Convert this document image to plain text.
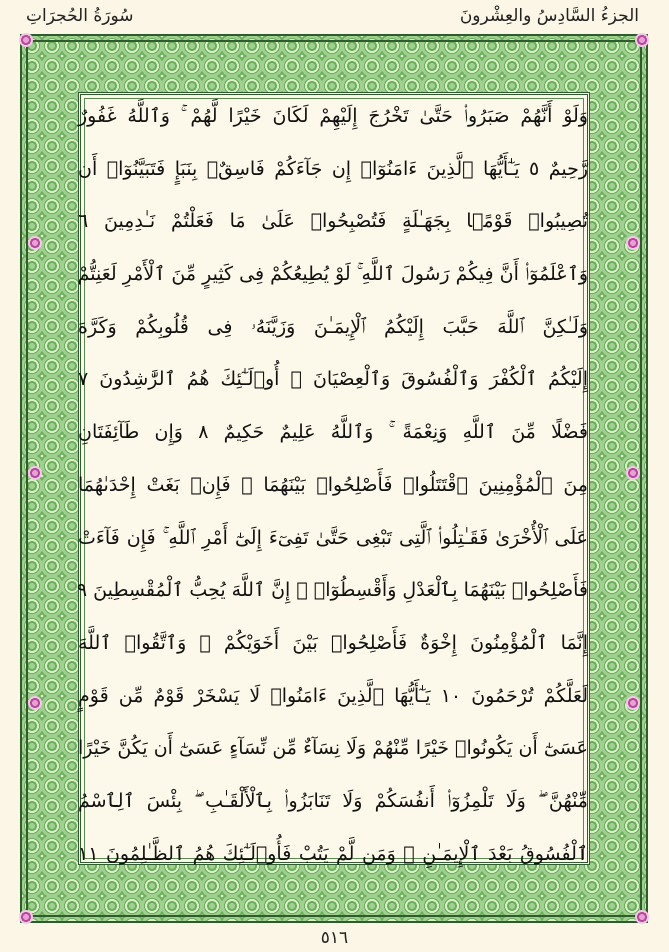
الجزءُ السَّادِسُ والعِشْرونَ
سُورَةُ الحُجرَاتِ
وَلَوْ أَنَّهُمْ صَبَرُوا۟ حَتَّىٰ تَخْرُجَ إِلَيْهِمْ لَكَانَ خَيْرًا لَّهُمْ ۚ وَٱللَّهُ غَفُورٌ
رَّحِيمٌ ٥ يَـٰٓأَيُّهَا ٱلَّذِينَ ءَامَنُوٓا۟ إِن جَآءَكُمْ فَاسِقٌۢ بِنَبَإٍ فَتَبَيَّنُوٓا۟ أَن
تُصِيبُوا۟ قَوْمًۢا بِجَهَـٰلَةٍ فَتُصْبِحُوا۟ عَلَىٰ مَا فَعَلْتُمْ نَـٰدِمِينَ ٦
وَٱعْلَمُوٓا۟ أَنَّ فِيكُمْ رَسُولَ ٱللَّهِ ۚ لَوْ يُطِيعُكُمْ فِى كَثِيرٍ مِّنَ ٱلْأَمْرِ لَعَنِتُّمْ
وَلَـٰكِنَّ ٱللَّهَ حَبَّبَ إِلَيْكُمُ ٱلْإِيمَـٰنَ وَزَيَّنَهُۥ فِى قُلُوبِكُمْ وَكَرَّهَ
إِلَيْكُمُ ٱلْكُفْرَ وَٱلْفُسُوقَ وَٱلْعِصْيَانَ ۚ أُو۟لَـٰٓئِكَ هُمُ ٱلرَّٰشِدُونَ ٧
فَضْلًا مِّنَ ٱللَّهِ وَنِعْمَةً ۚ وَٱللَّهُ عَلِيمٌ حَكِيمٌ ٨ وَإِن طَآئِفَتَانِ
مِنَ ٱلْمُؤْمِنِينَ ٱقْتَتَلُوا۟ فَأَصْلِحُوا۟ بَيْنَهُمَا ۖ فَإِنۢ بَغَتْ إِحْدَىٰهُمَا
عَلَى ٱلْأُخْرَىٰ فَقَـٰتِلُوا۟ ٱلَّتِى تَبْغِى حَتَّىٰ تَفِىٓءَ إِلَىٰٓ أَمْرِ ٱللَّهِ ۚ فَإِن فَآءَتْ
فَأَصْلِحُوا۟ بَيْنَهُمَا بِٱلْعَدْلِ وَأَقْسِطُوٓا۟ ۖ إِنَّ ٱللَّهَ يُحِبُّ ٱلْمُقْسِطِينَ ٩
إِنَّمَا ٱلْمُؤْمِنُونَ إِخْوَةٌ فَأَصْلِحُوا۟ بَيْنَ أَخَوَيْكُمْ ۚ وَٱتَّقُوا۟ ٱللَّهَ
لَعَلَّكُمْ تُرْحَمُونَ ١٠ يَـٰٓأَيُّهَا ٱلَّذِينَ ءَامَنُوا۟ لَا يَسْخَرْ قَوْمٌ مِّن قَوْمٍ
عَسَىٰٓ أَن يَكُونُوا۟ خَيْرًا مِّنْهُمْ وَلَا نِسَآءٌ مِّن نِّسَآءٍ عَسَىٰٓ أَن يَكُنَّ خَيْرًا
مِّنْهُنَّ ۖ وَلَا تَلْمِزُوٓا۟ أَنفُسَكُمْ وَلَا تَنَابَزُوا۟ بِٱلْأَلْقَـٰبِ ۖ بِئْسَ ٱلِٱسْمُ
ٱلْفُسُوقُ بَعْدَ ٱلْإِيمَـٰنِ ۚ وَمَن لَّمْ يَتُبْ فَأُو۟لَـٰٓئِكَ هُمُ ٱلظَّـٰلِمُونَ ١١
٥١٦
